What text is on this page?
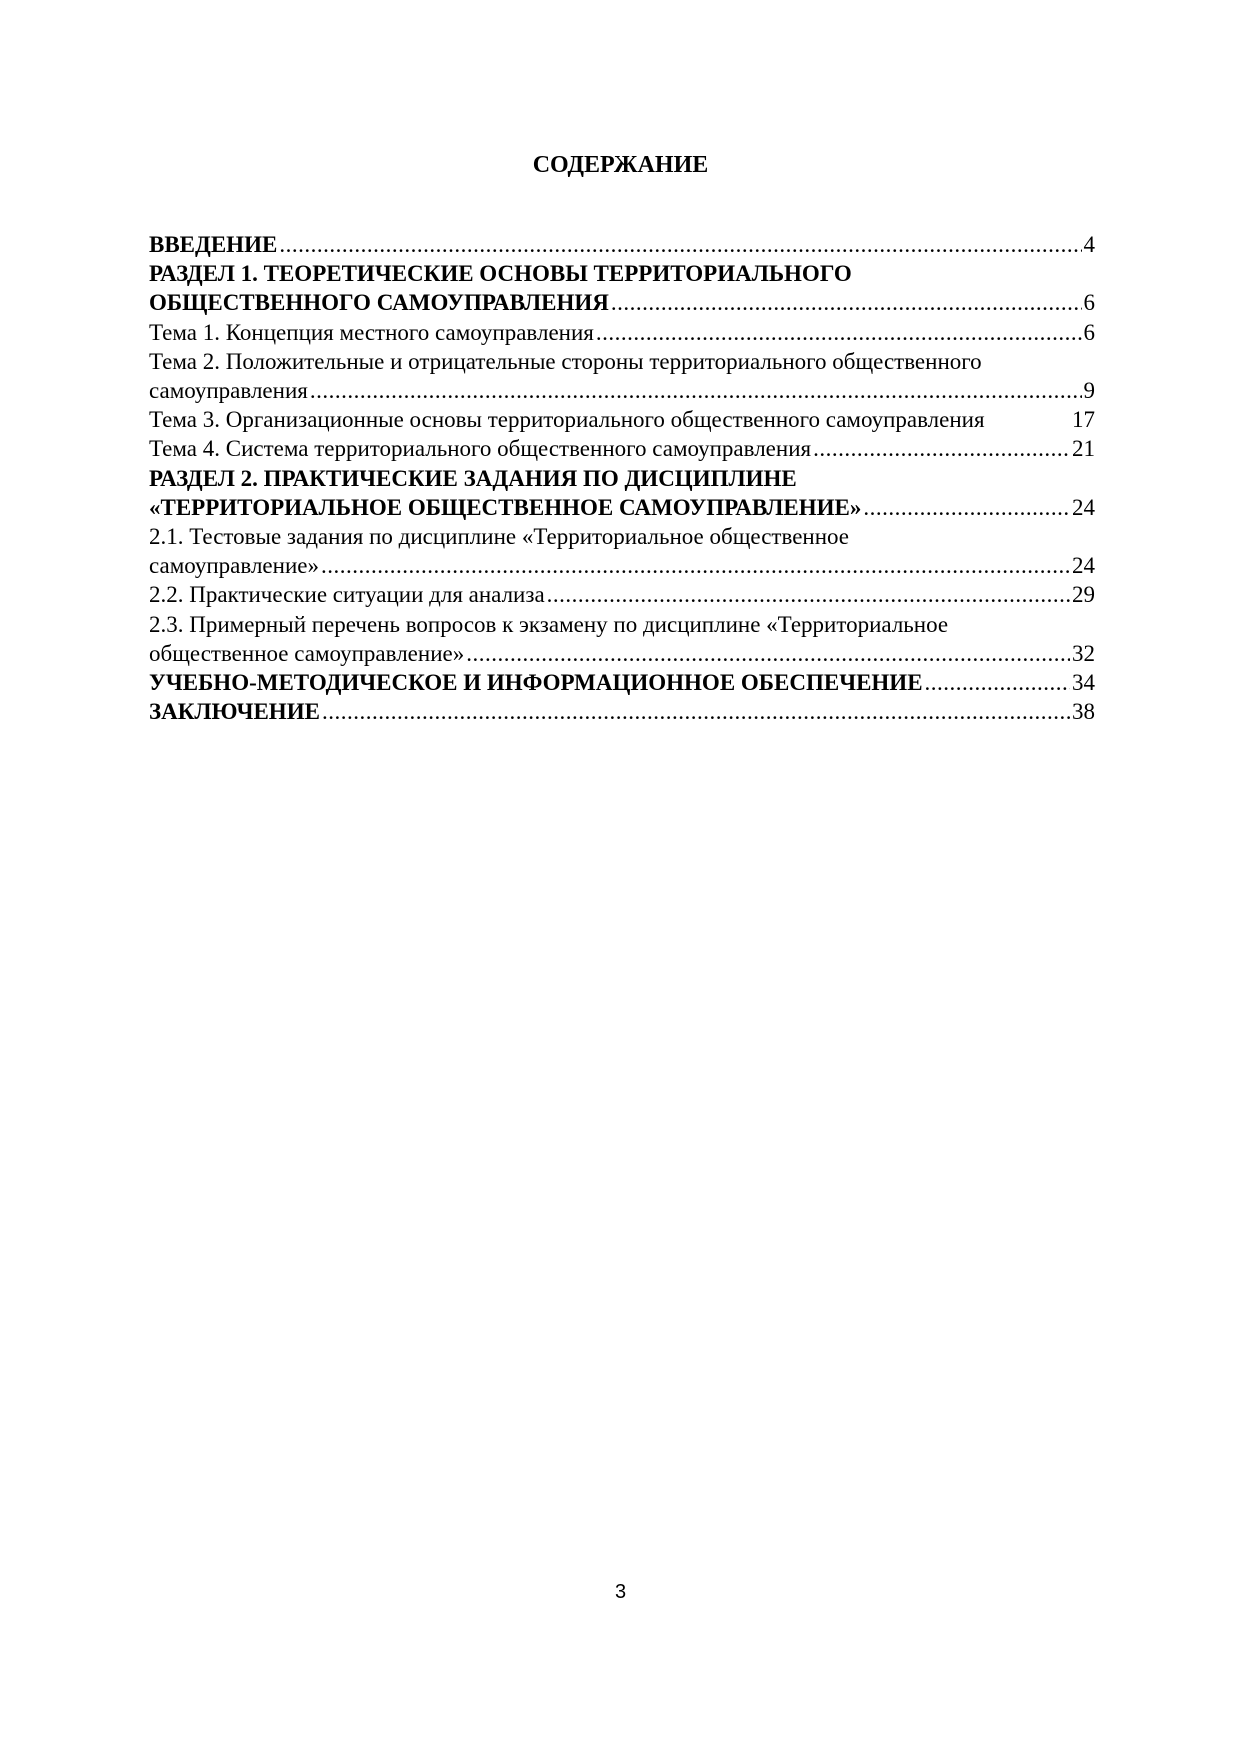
СОДЕРЖАНИЕ
ВВЕДЕНИЕ .....	4
РАЗДЕЛ 1. ТЕОРЕТИЧЕСКИЕ ОСНОВЫ ТЕРРИТОРИАЛЬНОГО
ОБЩЕСТВЕННОГО САМОУПРАВЛЕНИЯ .....	6
Тема 1. Концепция местного самоуправления .....	6
Тема 2. Положительные и отрицательные стороны территориального общественного
самоуправления .....	9
Тема 3. Организационные основы территориального общественного самоуправления	17
Тема 4. Система территориального общественного самоуправления .....	21
РАЗДЕЛ 2. ПРАКТИЧЕСКИЕ ЗАДАНИЯ ПО ДИСЦИПЛИНЕ
«ТЕРРИТОРИАЛЬНОЕ ОБЩЕСТВЕННОЕ САМОУПРАВЛЕНИЕ» .....	24
2.1. Тестовые задания по дисциплине «Территориальное общественное
самоуправление» .....	24
2.2. Практические ситуации для анализа .....	29
2.3. Примерный перечень вопросов к экзамену по дисциплине «Территориальное
общественное самоуправление» .....	32
УЧЕБНО-МЕТОДИЧЕСКОЕ И ИНФОРМАЦИОННОЕ ОБЕСПЕЧЕНИЕ .....	34
ЗАКЛЮЧЕНИЕ .....	38
3
